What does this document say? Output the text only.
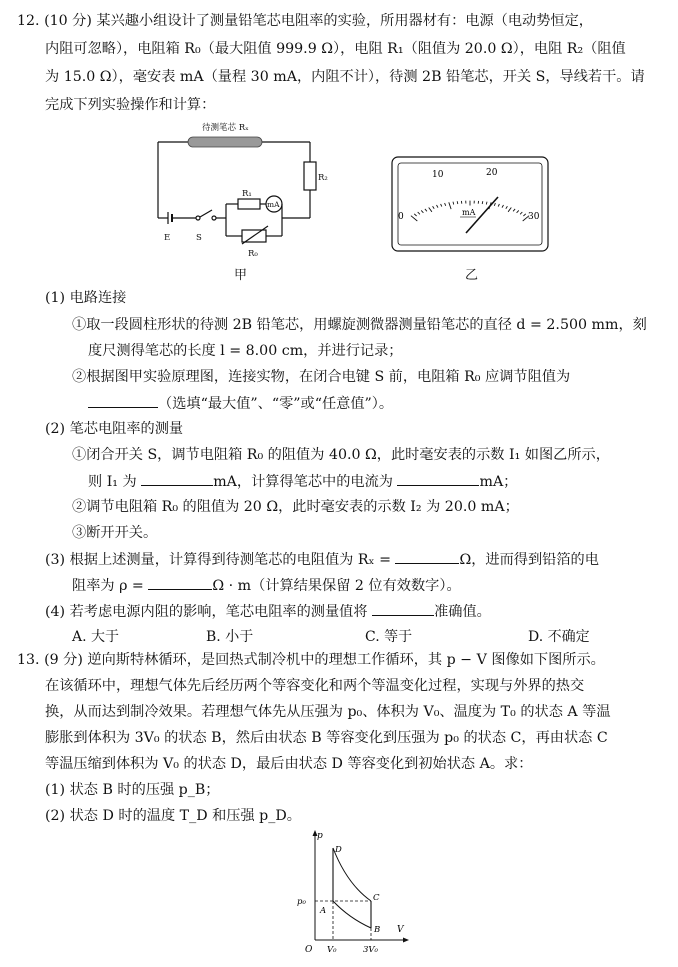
12. (10 分) 某兴趣小组设计了测量铅笔芯电阻率的实验，所用器材有：电源（电动势恒定，
内阻可忽略），电阻箱 R₀（最大阻值 999.9 Ω），电阻 R₁（阻值为 20.0 Ω），电阻 R₂（阻值
为 15.0 Ω），毫安表 mA（量程 30 mA，内阻不计），待测 2B 铅笔芯，开关 S，导线若干。请
完成下列实验操作和计算：
待测笔芯 Rₓ
R₂
R₁
mA
R₀
E	S
甲
0
10	20
30
mA
乙
(1) 电路连接
①取一段圆柱形状的待测 2B 铅笔芯，用螺旋测微器测量铅笔芯的直径 d = 2.500 mm，刻
度尺测得笔芯的长度 l = 8.00 cm，并进行记录；
②根据图甲实验原理图，连接实物，在闭合电键 S 前，电阻箱 R₀ 应调节阻值为
（选填“最大值”、“零”或“任意值”）。
(2) 笔芯电阻率的测量
①闭合开关 S，调节电阻箱 R₀ 的阻值为 40.0 Ω，此时毫安表的示数 I₁ 如图乙所示，
则 I₁ 为	mA，计算得笔芯中的电流为	mA；
②调节电阻箱 R₀ 的阻值为 20 Ω，此时毫安表的示数 I₂ 为 20.0 mA；
③断开开关。
(3) 根据上述测量，计算得到待测笔芯的电阻值为 Rₓ =	Ω，进而得到铅箔的电
阻率为 ρ =	Ω · m（计算结果保留 2 位有效数字）。
(4) 若考虑电源内阻的影响，笔芯电阻率的测量值将	准确值。
A. 大于	B. 小于	C. 等于	D. 不确定
13. (9 分) 逆向斯特林循环，是回热式制冷机中的理想工作循环，其 p − V 图像如下图所示。
在该循环中，理想气体先后经历两个等容变化和两个等温变化过程，实现与外界的热交
换，从而达到制冷效果。若理想气体先从压强为 p₀、体积为 V₀、温度为 T₀ 的状态 A 等温
膨胀到体积为 3V₀ 的状态 B，然后由状态 B 等容变化到压强为 p₀ 的状态 C，再由状态 C
等温压缩到体积为 V₀ 的状态 D，最后由状态 D 等容变化到初始状态 A。求：
(1) 状态 B 时的压强 p_B；
(2) 状态 D 时的温度 T_D 和压强 p_D。
p
V
O
p₀
V₀	3V₀
A
B
C
D
